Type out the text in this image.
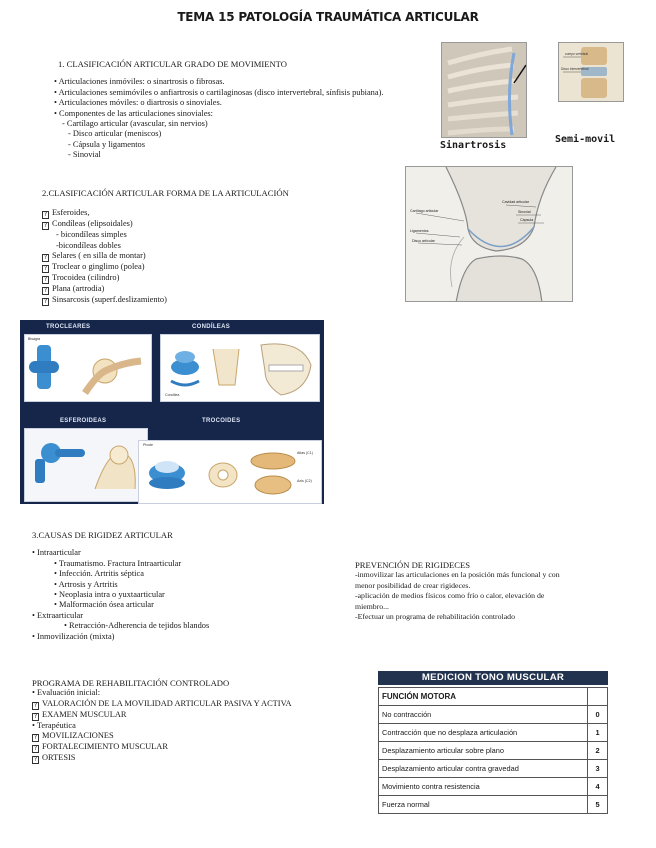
TEMA 15 PATOLOGÍA TRAUMÁTICA ARTICULAR
1. CLASIFICACIÓN ARTICULAR GRADO DE MOVIMIENTO
• Articulaciones inmóviles: o sinartrosis o fibrosas.
• Articulaciones semimóviles o anfiartrosis o cartilaginosas (disco intervertebral, sínfisis pubiana).
• Articulaciones móviles: o diartrosis o sinoviales.
• Componentes de las articulaciones sinoviales:
- Cartílago articular (avascular, sin nervios)
- Disco articular (meniscos)
- Cápsula y ligamentos
- Sinovial
Sinartrosis
cuerpo vertebral
Disco intervertebral
Semi-movil
2.CLASIFICACIÓN ARTICULAR FORMA DE LA ARTICULACIÓN
? Esferoides,
? Condíleas (elipsoidales)
- bicondíleas simples
-bicondíleas dobles
? Selares ( en silla de montar)
? Troclear o ginglimo (polea)
? Trocoidea (cilindro)
? Plana (artrodia)
? Sinsarcosis (superf.deslizamiento)
Cartílago articular
Cavidad articular
Sinovial
Cápsula
Ligamentos
Disco articular
TROCLEARES	CONDÍLEAS
ESFEROIDEAS	TROCOIDES
Bisagra
Condílea
Pivote
Atlas (C1)
Axis (C2)
3.CAUSAS DE RIGIDEZ ARTICULAR
• Intraarticular
• Traumatismo. Fractura Intraarticular
• Infección. Artritis séptica
• Artrosis y Artritis
• Neoplasia intra o yuxtaarticular
• Malformación ósea articular
• Extraarticular
• Retracción-Adherencia de tejidos blandos
• Inmovilización (mixta)
PREVENCIÓN DE RIGIDECES
-inmovilizar las articulaciones en la posición más funcional y con
menor posibilidad de crear rigideces.
-aplicación de medios físicos como frío o calor, elevación de
miembro...
-Efectuar un programa de rehabilitación controlado
PROGRAMA DE REHABILITACIÓN CONTROLADO
• Evaluación inicial:
? VALORACIÓN DE LA MOVILIDAD ARTICULAR PASIVA Y ACTIVA
? EXAMEN MUSCULAR
• Terapéutica
? MOVILIZACIONES
? FORTALECIMIENTO MUSCULAR
? ORTESIS
MEDICION TONO MUSCULAR
FUNCIÓN MOTORA	
No contracción	0
Contracción que no desplaza articulación	1
Desplazamiento articular sobre plano	2
Desplazamiento articular contra gravedad	3
Movimiento contra resistencia	4
Fuerza normal	5
